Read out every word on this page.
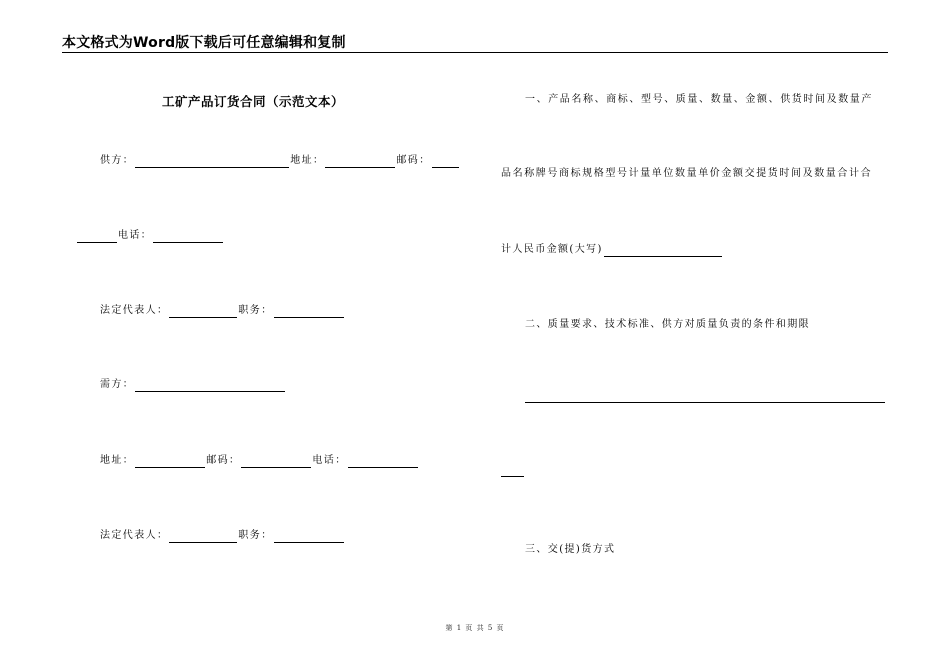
本文格式为Word版下载后可任意编辑和复制
工矿产品订货合同（示范文本）
供方：	地址：	邮码：
电话：
法定代表人：	职务：
需方：
地址：	邮码：	电话：
法定代表人：	职务：
一、产品名称、商标、型号、质量、数量、金额、供货时间及数量产
品名称牌号商标规格型号计量单位数量单价金额交提货时间及数量合计合
计人民币金额(大写)
二、质量要求、技术标准、供方对质量负责的条件和期限
三、交(提)货方式
第 1 页 共 5 页
